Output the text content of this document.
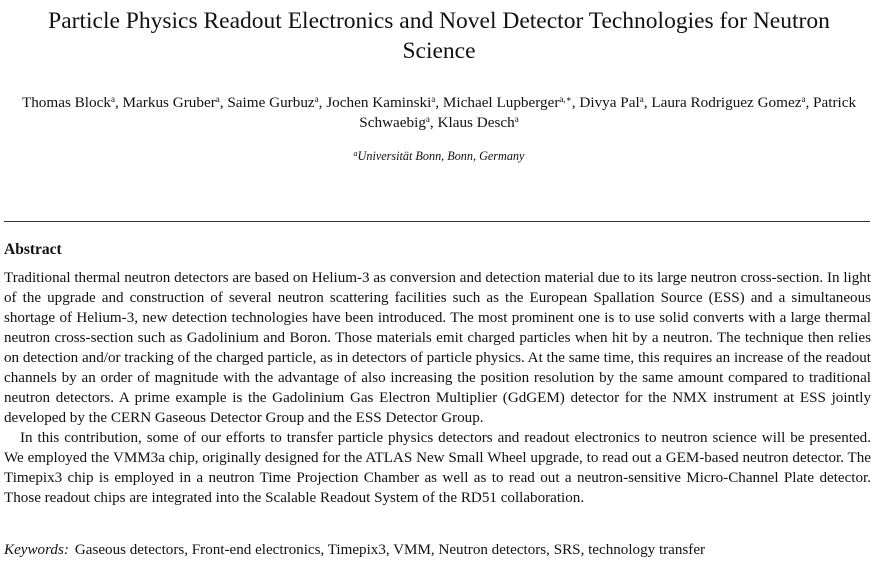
Particle Physics Readout Electronics and Novel Detector Technologies for Neutron Science
Thomas Block$^a$, Markus Gruber$^a$, Saime Gurbuz$^a$, Jochen Kaminski$^a$, Michael Lupberger$^{a,∗}$, Divya Pal$^a$, Laura Rodriguez Gomez$^a$, Patrick Schwaebig$^a$, Klaus Desch$^a$
$^a$Universität Bonn, Bonn, Germany
Abstract

Traditional thermal neutron detectors are based on Helium-3 as conversion and detection material due to its large neutron cross-section. In light of the upgrade and construction of several neutron scattering facilities such as the European Spallation Source (ESS) and a simultaneous shortage of Helium-3, new detection technologies have been introduced. The most prominent one is to use solid converts with a large thermal neutron cross-section such as Gadolinium and Boron. Those materials emit charged particles when hit by a neutron. The technique then relies on detection and/or tracking of the charged particle, as in detectors of particle physics. At the same time, this requires an increase of the readout channels by an order of magnitude with the advantage of also increasing the position resolution by the same amount compared to traditional neutron detectors. A prime example is the Gadolinium Gas Electron Multiplier (GdGEM) detector for the NMX instrument at ESS jointly developed by the CERN Gaseous Detector Group and the ESS Detector Group.

In this contribution, some of our efforts to transfer particle physics detectors and readout electronics to neutron science will be presented. We employed the VMM3a chip, originally designed for the ATLAS New Small Wheel upgrade, to read out a GEM-based neutron detector. The Timepix3 chip is employed in a neutron Time Projection Chamber as well as to read out a neutron-sensitive Micro-Channel Plate detector. Those readout chips are integrated into the Scalable Readout System of the RD51 collaboration.

Keywords: Gaseous detectors, Front-end electronics, Timepix3, VMM, Neutron detectors, SRS, technology transfer
